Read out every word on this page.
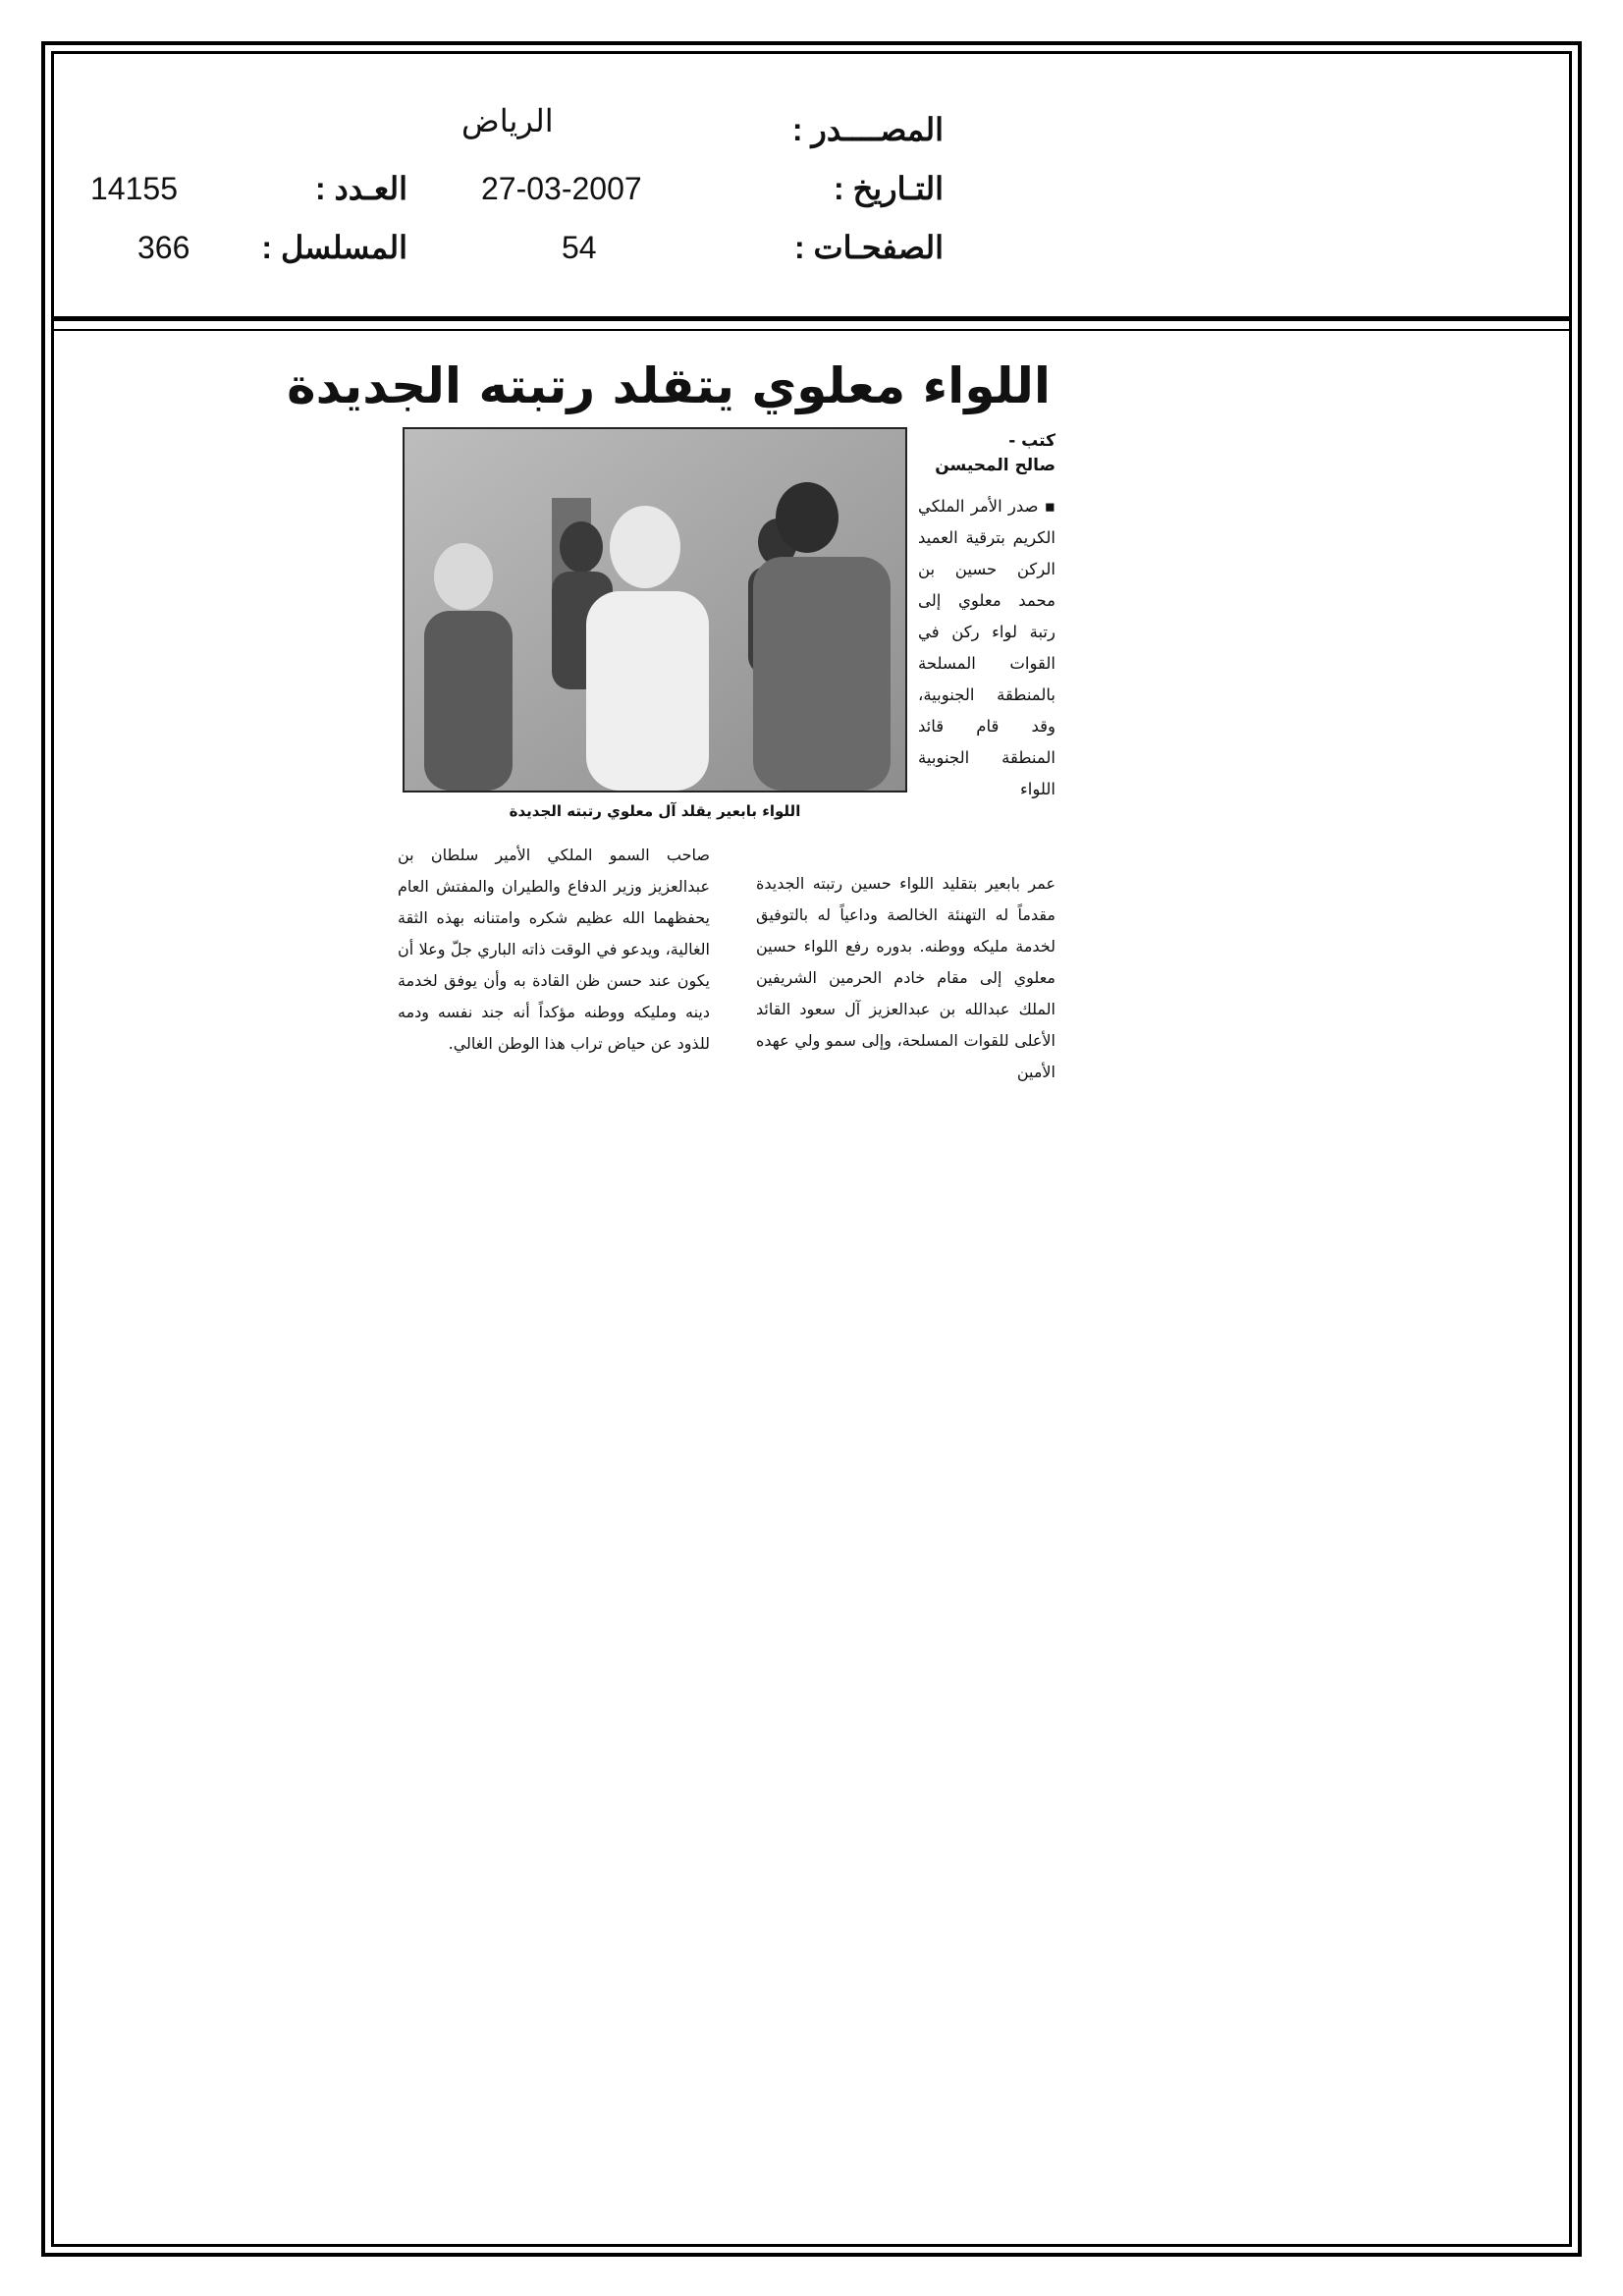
الرياض	المصــــدر :
14155	العـدد : 27-03-2007	التـاريخ :
366 المسلسل :	54	الصفحـات :
اللواء معلوي يتقلد رتبته الجديدة
كتب -
صالح المحيسن
▪ صدر الأمر الملكي الكريم بترقية العميد الركن حسين بن محمد معلوي إلى رتبة لواء ركن في القوات المسلحة بالمنطقة الجنوبية، وقد قام قائد المنطقة الجنوبية اللواء
اللواء بابعير يقلد آل معلوي رتبته الجديدة
عمر بابعير بتقليد اللواء حسين رتبته الجديدة مقدماً له التهنئة الخالصة وداعياً له بالتوفيق لخدمة مليكه ووطنه. بدوره رفع اللواء حسين معلوي إلى مقام خادم الحرمين الشريفين الملك عبدالله بن عبدالعزيز آل سعود القائد الأعلى للقوات المسلحة، وإلى سمو ولي عهده الأمين
صاحب السمو الملكي الأمير سلطان بن عبدالعزيز وزير الدفاع والطيران والمفتش العام يحفظهما الله عظيم شكره وامتنانه بهذه الثقة الغالية، ويدعو في الوقت ذاته الباري جلّ وعلا أن يكون عند حسن ظن القادة به وأن يوفق لخدمة دينه ومليكه ووطنه مؤكداً أنه جند نفسه ودمه للذود عن حياض تراب هذا الوطن الغالي.
